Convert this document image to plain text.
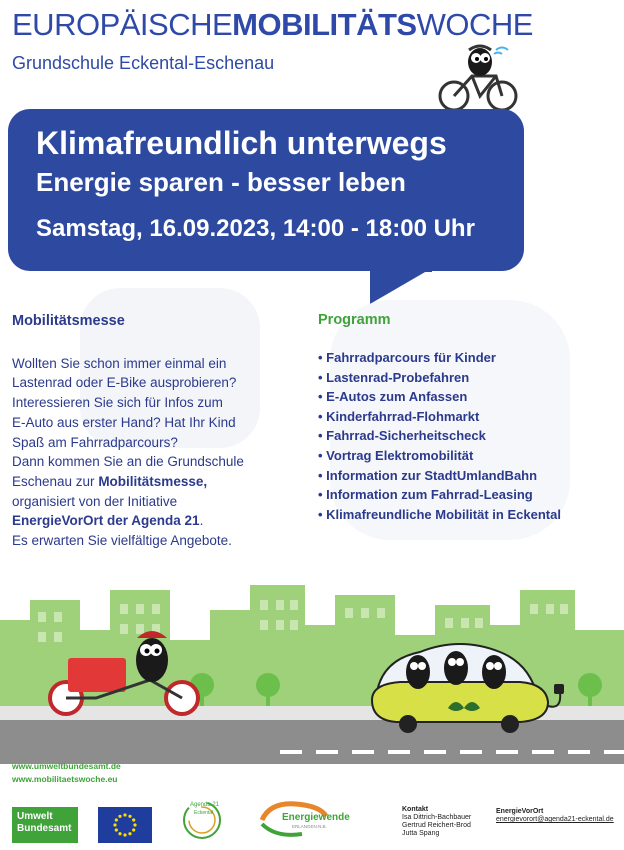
EUROPÄISCHEMOBILITÄTSWOCHE
Grundschule Eckental-Eschenau
Klimafreundlich unterwegs
Energie sparen - besser leben
Samstag, 16.09.2023, 14:00 - 18:00 Uhr
Mobilitätsmesse
Wollten Sie schon immer einmal ein
Lastenrad oder E-Bike ausprobieren?
Interessieren Sie sich für Infos zum
E-Auto aus erster Hand? Hat Ihr Kind
Spaß am Fahrradparcours?
Dann kommen Sie an die Grundschule
Eschenau zur Mobilitätsmesse,
organisiert von der Initiative
EnergieVorOrt der Agenda 21.
Es erwarten Sie vielfältige Angebote.
Programm
• Fahrradparcours für Kinder
• Lastenrad-Probefahren
• E-Autos zum Anfassen
• Kinderfahrrad-Flohmarkt
• Fahrrad-Sicherheitscheck
• Vortrag Elektromobilität
• Information zur StadtUmlandBahn
• Information zum Fahrrad-Leasing
• Klimafreundliche Mobilität in Eckental
www.umweltbundesamt.de
www.mobilitaetswoche.eu
Umwelt
Bundesamt
Agenda 21
Eckental	Energiewende
ERLANGEN.N.B.
Kontakt
Isa Dittrich-Bachbauer
Gertrud Reichert-Brod
Jutta Spang
EnergieVorOrt
energievorort@agenda21-eckental.de
